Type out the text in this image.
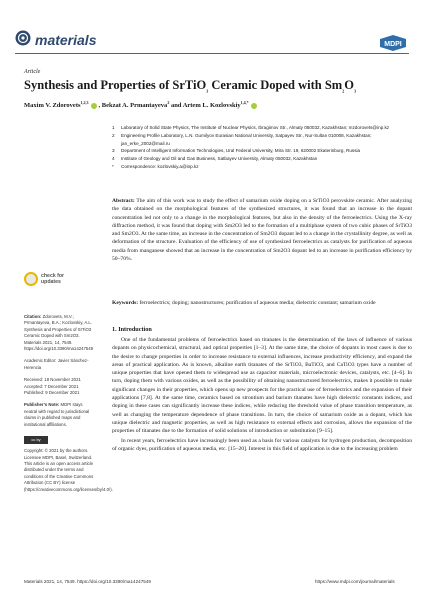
materials	MDPI
Article
Synthesis and Properties of SrTiO$_3$ Ceramic Doped with $Sm_2O_3$
Maxim V. Zdorovets$^{1,2,3}$ , Bekzat A. Prmantayeva$^2$ and Artem L. Kozlovskiy$^{1,4,*}$
1	Laboratory of Solid State Physics, The Institute of Nuclear Physics, Ibragimov Str., Almaty 050032, Kazakhstan; mzdorovets@inp.kz
2	Engineering Profile Laboratory, L.N. Gumilyov Eurasian National University, Satpayev Str., Nur-Sultan 010008, Kazakhstan; jan_erke_2002@mail.ru
3	Department of Intelligent Information Technologies, Ural Federal University, Mira Str. 19, 620002 Ekaterinburg, Russia
4	Institute of Geology and Oil and Gas Business, Satbayev University, Almaty 050032, Kazakhstan
*	Correspondence: kozlovskiy.a@inp.kz
Abstract: The aim of this work was to study the effect of samarium oxide doping on a SrTiO3 perovskite ceramic. After analyzing the data obtained on the morphological features of the synthesized structures, it was found that an increase in the dopant concentration led not only to a change in the morphological features, but also in the density of the ferroelectrics. Using the X-ray diffraction method, it was found that doping with Sm2O3 led to the formation of a multiphase system of two cubic phases of SrTiO3 and Sm2O3. At the same time, an increase in the concentration of Sm2O3 dopant led to a change in the crystallinity degree, as well as deformation of the structure. Evaluation of the efficiency of use of synthesized ferroelectrics as catalysts for purification of aqueous media from manganese showed that an increase in the concentration of Sm2O3 dopant led to an increase in purification efficiency by 50–70%.
Keywords: ferroelectrics; doping; nanostructures; purification of aqueous media; dielectric constant; samarium oxide
check for
updates
Citation: Zdorovets, M.V.; Prmantayeva, B.A.; Kozlovskiy, A.L. Synthesis and Properties of SrTiO3 Ceramic Doped with Sm2O3. Materials 2021, 14, 7549. https://doi.org/10.3390/ma14247549
Academic Editor: Javier Sánchez-Herencia
Received: 18 November 2021
Accepted: 7 December 2021
Published: 9 December 2021
Publisher’s Note: MDPI stays neutral with regard to jurisdictional claims in published maps and institutional affiliations.
cc by
Copyright: © 2021 by the authors. Licensee MDPI, Basel, Switzerland. This article is an open access article distributed under the terms and conditions of the Creative Commons Attribution (CC BY) license (https://creativecommons.org/licenses/by/4.0/).
1. Introduction

One of the fundamental problems of ferroelectrics based on titanates is the determination of the laws of influence of various dopants on physicochemical, structural, and optical properties [1–3]. At the same time, the choice of dopants in most cases is due to the desire to change properties in order to increase resistance to external influences, increase productivity efficiency, and expand the areas of practical application. As is known, alkaline earth titanates of the SrTiO3, BaTiO3, and CaTiO3 types have a number of unique properties that have opened them to widespread use as capacitor materials, microelectronic devices, catalysts, etc. [4–6]. In turn, doping them with various oxides, as well as the possibility of obtaining nanostructured ferroelectrics, makes it possible to make significant changes in their properties, which opens up new prospects for the practical use of ferroelectrics and the expansion of their applications [7,8]. At the same time, ceramics based on strontium and barium titanates have high dielectric constants indices, and doping in these cases can significantly increase these indices, while reducing the threshold value of phase transition temperature, as well as changing the temperature dependence of phase transitions. In turn, the choice of samarium oxide as a dopant, which has unique dielectric and magnetic properties, as well as high resistance to external effects and corrosion, allows the expansion of the properties of titanates due to the formation of solid solutions of introduction or substitution [9–15].

In recent years, ferroelectrics have increasingly been used as a basis for various catalysts for hydrogen production, decomposition of organic dyes, purification of aqueous media, etc. [15–20]. Interest in this field of application is due to the increasing problem

Materials 2021, 14, 7549. https://doi.org/10.3390/ma14247549	https://www.mdpi.com/journal/materials
